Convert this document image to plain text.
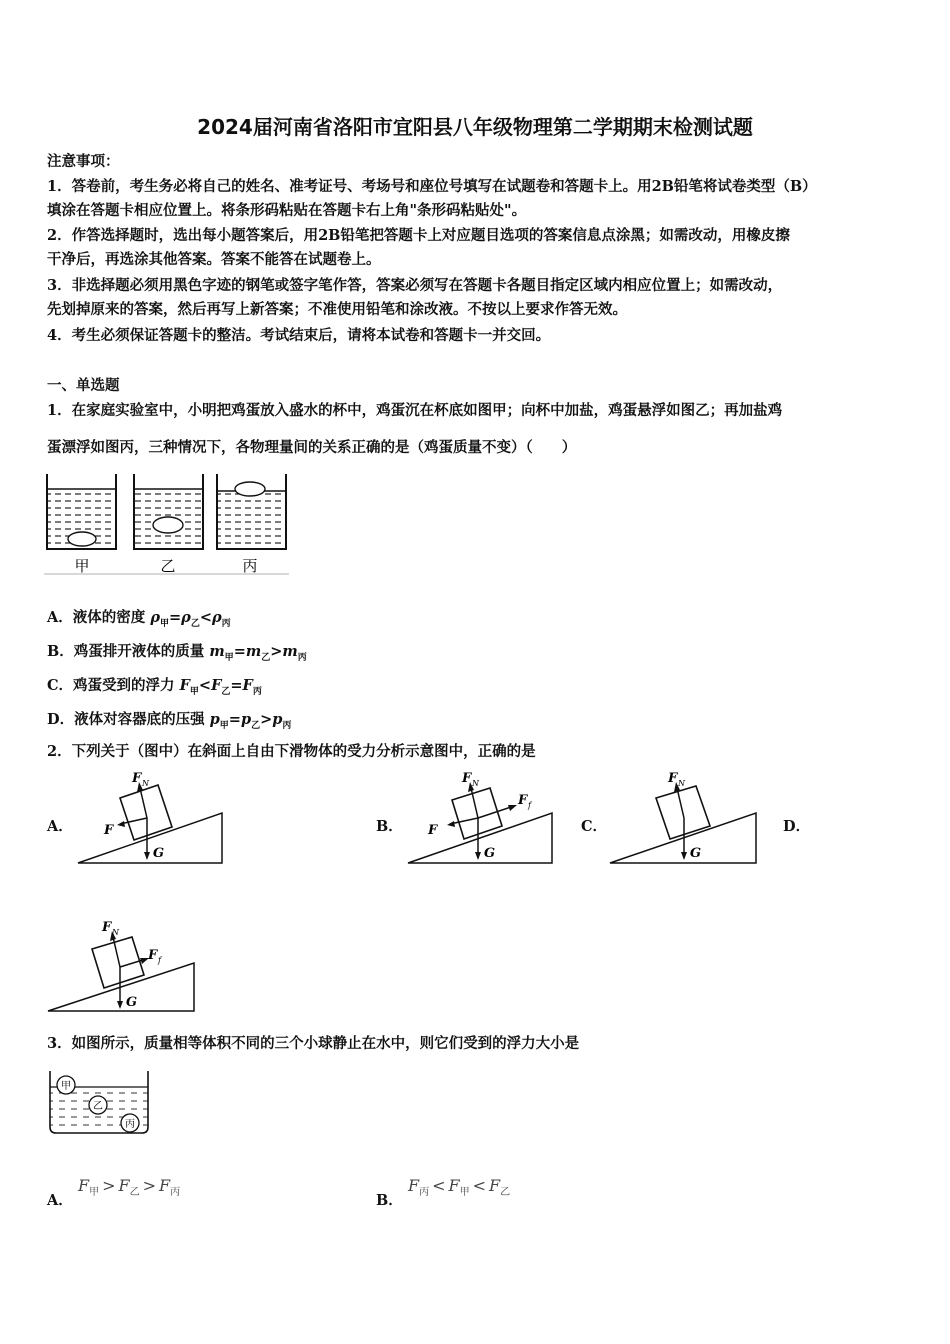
2024届河南省洛阳市宜阳县八年级物理第二学期期末检测试题
注意事项：
1．答卷前，考生务必将自己的姓名、准考证号、考场号和座位号填写在试题卷和答题卡上。用2B铅笔将试卷类型（B）
填涂在答题卡相应位置上。将条形码粘贴在答题卡右上角"条形码粘贴处"。
2．作答选择题时，选出每小题答案后，用2B铅笔把答题卡上对应题目选项的答案信息点涂黑；如需改动，用橡皮擦
干净后，再选涂其他答案。答案不能答在试题卷上。
3．非选择题必须用黑色字迹的钢笔或签字笔作答，答案必须写在答题卡各题目指定区域内相应位置上；如需改动，
先划掉原来的答案，然后再写上新答案；不准使用铅笔和涂改液。不按以上要求作答无效。
4．考生必须保证答题卡的整洁。考试结束后，请将本试卷和答题卡一并交回。
一、单选题
1．在家庭实验室中，小明把鸡蛋放入盛水的杯中，鸡蛋沉在杯底如图甲；向杯中加盐，鸡蛋悬浮如图乙；再加盐鸡
蛋漂浮如图丙，三种情况下，各物理量间的关系正确的是（鸡蛋质量不变）（　　）
甲	乙	丙
A．液体的密度 $\rho_甲=\rho_乙<\rho_丙$
B．鸡蛋排开液体的质量 $m_甲=m_乙>m_丙$
C．鸡蛋受到的浮力 $F_甲<F_乙=F_丙$
D．液体对容器底的压强 $p_甲=p_乙>p_丙$
2．下列关于（图中）在斜面上自由下滑物体的受力分析示意图中，正确的是
A．
F N
F
G
B．
F N
F f
F
G
C．
F N
G
D．
F N
F f
G
3．如图所示，质量相等体积不同的三个小球静止在水中，则它们受到的浮力大小是
甲
乙
丙
A．
$F_甲 > F_乙 > F_丙$	B．
$F_丙 < F_甲 < F_乙$
